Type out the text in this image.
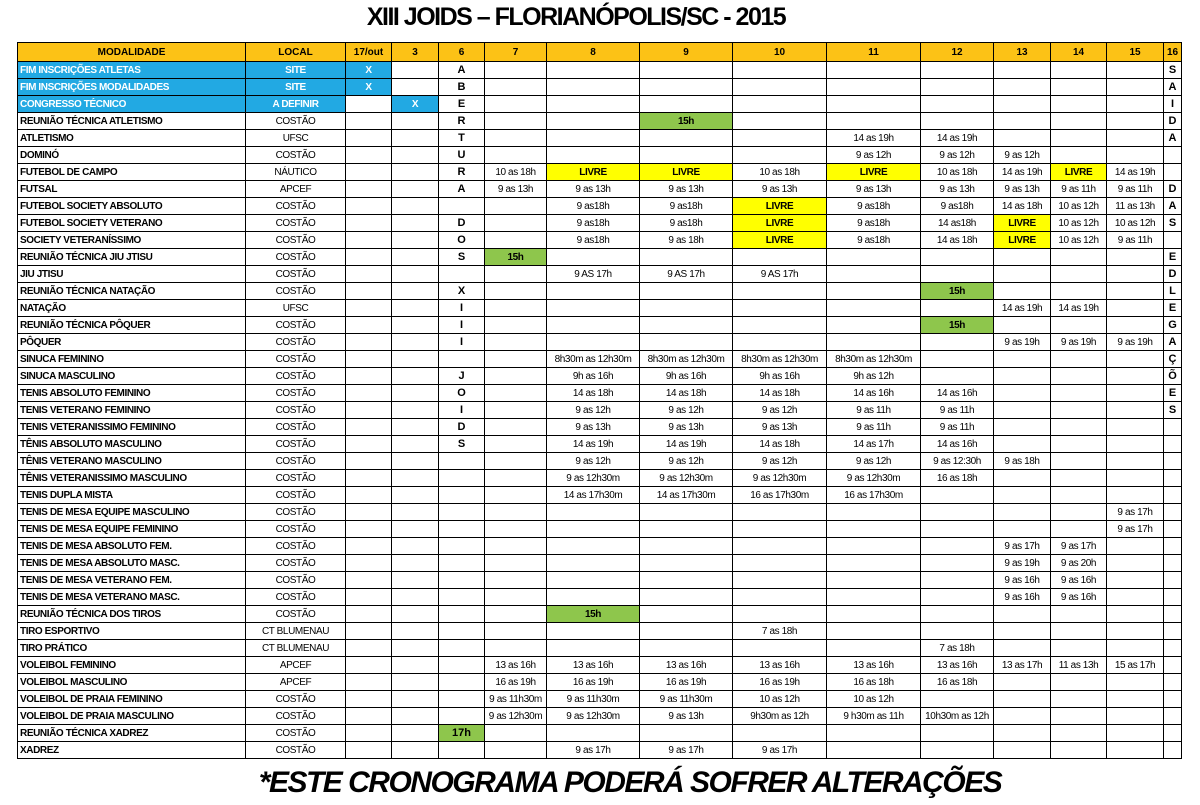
XIII JOIDS – FLORIANÓPOLIS/SC - 2015
MODALIDADE	LOCAL	17/out	3	6	7	8	9	10	11	12	13	14	15	16
FIM INSCRIÇÕES ATLETAS	SITE	X		A										S
FIM INSCRIÇÕES MODALIDADES	SITE	X		B										A
CONGRESSO TÉCNICO	A DEFINIR		X	E										I
REUNIÃO TÉCNICA ATLETISMO	COSTÃO			R			15h							D
ATLETISMO	UFSC			T					14 as 19h	14 as 19h				A
DOMINÓ	COSTÃO			U					9 as 12h	9 as 12h	9 as 12h			
FUTEBOL DE CAMPO	NÁUTICO			R	10 as 18h	LIVRE	LIVRE	10 as 18h	LIVRE	10 as 18h	14 as 19h	LIVRE	14 as 19h	
FUTSAL	APCEF			A	9 as 13h	9 as 13h	9 as 13h	9 as 13h	9 as 13h	9 as 13h	9 as 13h	9 as 11h	9 as 11h	D
FUTEBOL SOCIETY ABSOLUTO	COSTÃO					9 as18h	9 as18h	LIVRE	9 as18h	9 as18h	14 as 18h	10 as 12h	11 as 13h	A
FUTEBOL SOCIETY VETERANO	COSTÃO			D		9 as18h	9 as18h	LIVRE	9 as18h	14 as18h	LIVRE	10 as 12h	10 as 12h	S
SOCIETY VETERANÍSSIMO	COSTÃO			O		9 as18h	9 as 18h	LIVRE	9 as18h	14 as 18h	LIVRE	10 as 12h	9 as 11h	
REUNIÃO TÉCNICA JIU JTISU	COSTÃO			S	15h									E
JIU JTISU	COSTÃO					9 AS 17h	9 AS 17h	9 AS 17h						D
REUNIÃO TÉCNICA NATAÇÃO	COSTÃO			X						15h				L
NATAÇÃO	UFSC			I							14 as 19h	14 as 19h		E
REUNIÃO TÉCNICA PÔQUER	COSTÃO			I						15h				G
PÔQUER	COSTÃO			I							9 as 19h	9 as 19h	9 as 19h	A
SINUCA FEMININO	COSTÃO					8h30m as 12h30m	8h30m as 12h30m	8h30m as 12h30m	8h30m as 12h30m					Ç
SINUCA MASCULINO	COSTÃO			J		9h as 16h	9h as 16h	9h as 16h	9h as 12h					Õ
TENIS ABSOLUTO FEMININO	COSTÃO			O		14 as 18h	14 as 18h	14 as 18h	14 as 16h	14 as 16h				E
TENIS VETERANO FEMININO	COSTÃO			I		9 as 12h	9 as 12h	9 as 12h	9 as 11h	9 as 11h				S
TENIS VETERANISSIMO FEMININO	COSTÃO			D		9 as 13h	9 as 13h	9 as 13h	9 as 11h	9 as 11h				
TÊNIS ABSOLUTO MASCULINO	COSTÃO			S		14 as 19h	14 as 19h	14 as 18h	14 as 17h	14 as 16h				
TÊNIS VETERANO MASCULINO	COSTÃO					9 as 12h	9 as 12h	9 as 12h	9 as 12h	9 as 12:30h	9 as 18h			
TÊNIS VETERANISSIMO MASCULINO	COSTÃO					9 as 12h30m	9 as 12h30m	9 as 12h30m	9 as 12h30m	16 as 18h				
TENIS DUPLA MISTA	COSTÃO					14 as 17h30m	14 as 17h30m	16 as 17h30m	16 as 17h30m					
TENIS DE MESA EQUIPE MASCULINO	COSTÃO												9 as 17h	
TENIS DE MESA EQUIPE FEMININO	COSTÃO												9 as 17h	
TENIS DE MESA ABSOLUTO FEM.	COSTÃO										9 as 17h	9 as 17h		
TENIS DE MESA ABSOLUTO MASC.	COSTÃO										9 as 19h	9 as 20h		
TENIS DE MESA VETERANO FEM.	COSTÃO										9 as 16h	9 as 16h		
TENIS DE MESA VETERANO MASC.	COSTÃO										9 as 16h	9 as 16h		
REUNIÃO TÉCNICA DOS TIROS	COSTÃO					15h								
TIRO ESPORTIVO	CT BLUMENAU							7 as 18h						
TIRO PRÁTICO	CT BLUMENAU									7 as 18h				
VOLEIBOL FEMININO	APCEF				13 as 16h	13 as 16h	13 as 16h	13 as 16h	13 as 16h	13 as 16h	13 as 17h	11 as 13h	15 as 17h	
VOLEIBOL MASCULINO	APCEF				16 as 19h	16 as 19h	16 as 19h	16 as 19h	16 as 18h	16 as 18h				
VOLEIBOL DE PRAIA FEMININO	COSTÃO				9 as 11h30m	9 as 11h30m	9 as 11h30m	10 as 12h	10 as 12h					
VOLEIBOL DE PRAIA MASCULINO	COSTÃO				9 as 12h30m	9 as 12h30m	9 as 13h	9h30m as 12h	9 h30m as 11h	10h30m as 12h				
REUNIÃO TÉCNICA XADREZ	COSTÃO			17h										
XADREZ	COSTÃO					9 as 17h	9 as 17h	9 as 17h						
*ESTE CRONOGRAMA PODERÁ SOFRER ALTERAÇÕES
